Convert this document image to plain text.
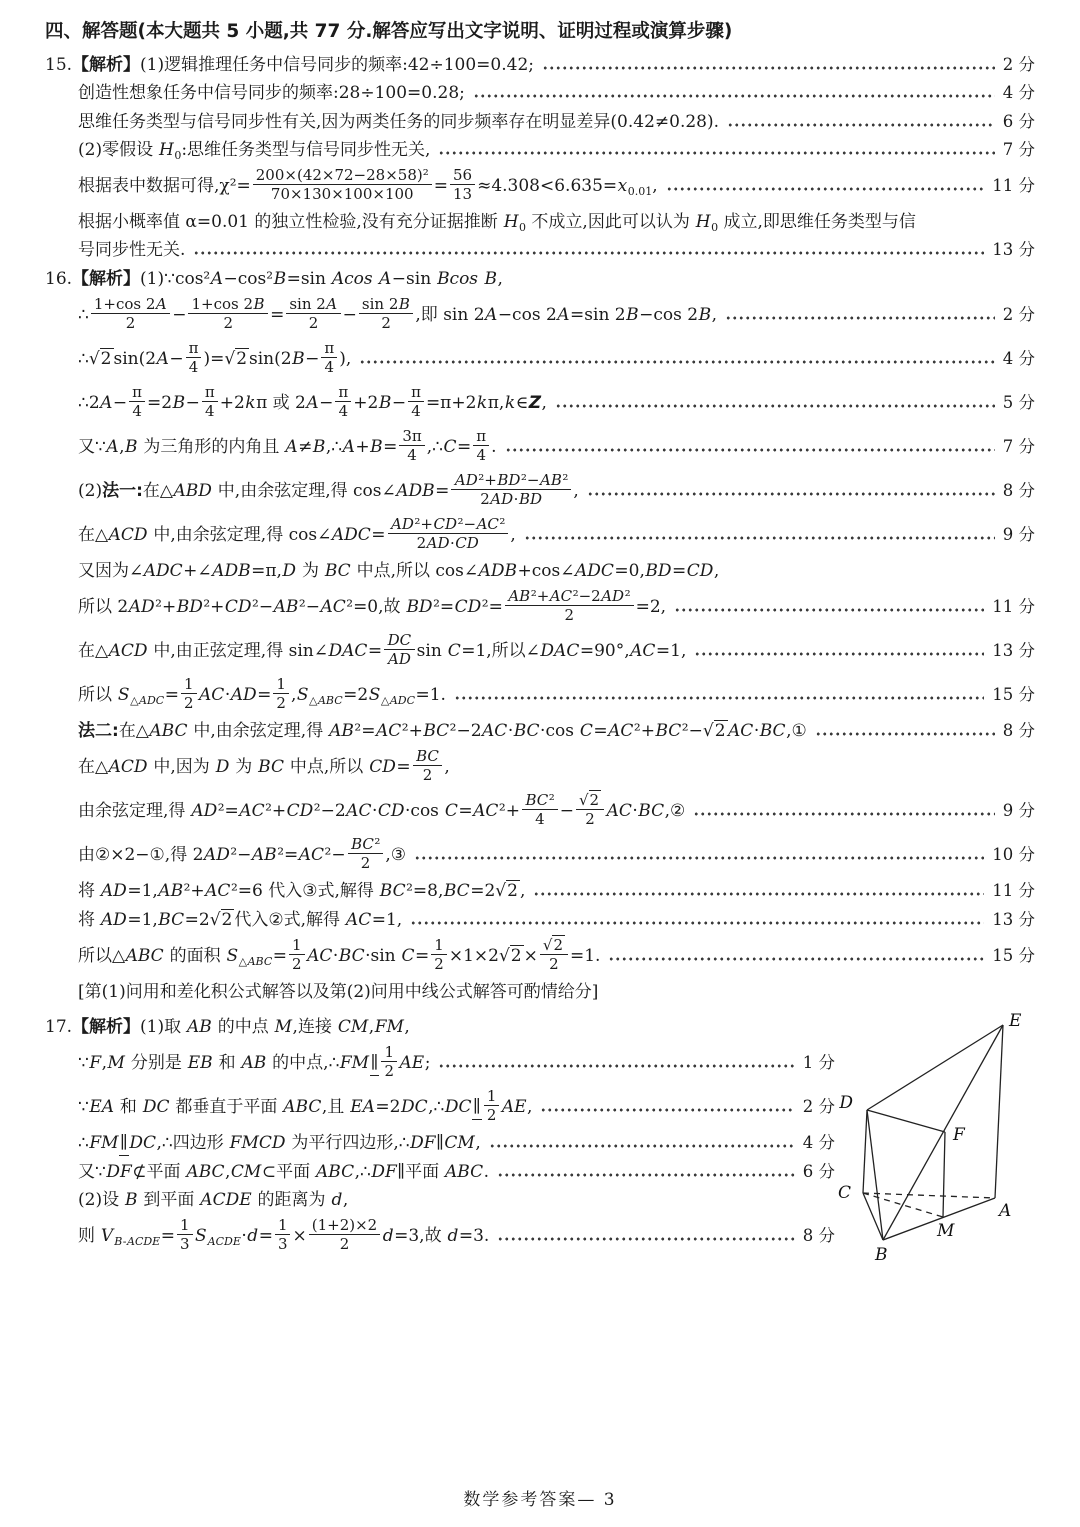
四、解答题(本大题共 5 小题,共 77 分.解答应写出文字说明、证明过程或演算步骤)
15.【解析】(1)逻辑推理任务中信号同步的频率:42÷100=0.42;	2 分
创造性想象任务中信号同步的频率:28÷100=0.28;	4 分
思维任务类型与信号同步性有关,因为两类任务的同步频率存在明显差异(0.42≠0.28).	6 分
(2)零假设 $H_0$:思维任务类型与信号同步性无关,	7 分
根据表中数据可得$,\chi^2= \frac{\text{200×(42×72−28×58)²}}{70\times 130\times 100\times 100} = \frac{56}{13} \approx 4.308<6.635=x_{0.01}$,	11 分
根据小概率值 α=0.01 的独立性检验,没有充分证据推断 $H_0$ 不成立,因此可以认为 $H_0$ 成立,即思维任务类型与信
号同步性无关.	13 分
16.【解析】(1)∵cos²A−cos²B=sin Acos A−sin Bcos B,
∴ $\frac{1+\cos 2A}{2} - \frac{1+\cos 2B}{2} = \frac{\sin 2A}{2} - \frac{\sin 2B}{2}$ ,即 sin 2A−cos 2A=sin 2B−cos 2B,	2 分
∴√2 $\sin(2A- \frac{\pi}{4} )=√2$ $\sin(2B- \frac{\pi}{4}$ ),	4 分
∴2A− $\frac{\pi}{4} =2B- \frac{\pi}{4} +2k\pi$ 或 $2A- \frac{\pi}{4} +2B- \frac{\pi}{4}$ =π+2kπ,k∈Z,	5 分
又∵A,B 为三角形的内角且 A≠B,∴A+B= $\frac{3\pi}{4}$ ,∴C= $\frac{\pi}{4}$ .	7 分
(2)法一:在△ABD 中,由余弦定理,得 cos∠ADB= $\frac{\text{AD²+BD²−AB²}}{2AD\cdot BD}$ ,	8 分
在△ACD 中,由余弦定理,得 cos∠ADC= $\frac{\text{AD²+CD²−AC²}}{2AD\cdot CD}$ ,	9 分
又因为∠ADC+∠ADB=π,D 为 BC 中点,所以 cos∠ADB+cos∠ADC=0,BD=CD,
所以 2AD²+BD²+CD²−AB²−AC²=0,故 $BD^2=CD^2= \frac{\text{AB²+AC²−2AD²}}{2} =2$,	11 分
在△ACD 中,由正弦定理,得 sin∠DAC= $\frac{DC}{AD}$ sin C=1,所以∠DAC=90°,AC=1,	13 分
所以 $S_{\triangle ADC}= \frac{1}{2} AC\cdot AD= \frac{1}{2} ,S_{\triangle ABC}=2S_{\triangle ADC}=1$.	15 分
法二:在△ABC 中,由余弦定理,得 AB²=AC²+BC²−2AC·BC·cos C=AC²+BC²−√2 AC·BC,①	8 分
在△ACD 中,因为 D 为 BC 中点,所以 $CD= \frac{BC}{2}$ ,
由余弦定理,得 AD²=AC²+CD²−2AC·CD·cos $C=AC^2+ \frac{\text{BC²}}{4} - \frac{√2}{2}$ AC·BC,②	9 分
由②×2−①,得 $2AD^2-AB^2=AC^2- \frac{\text{BC²}}{2}$ ,③	10 分
将 AD=1,AB²+AC²=6 代入③式,解得 BC²=8,BC=2√2 ,	11 分
将 AD=1,BC=2√2 代入②式,解得 AC=1,	13 分
所以△ABC 的面积 $S_{\triangle ABC}= \frac{1}{2} AC\cdot BC\cdot\sin$ $C= \frac{1}{2} \times 1\times 2√2 \times \frac{√2}{2} =1$.	15 分
[第(1)问用和差化积公式解答以及第(2)问用中线公式解答可酌情给分]
17.【解析】(1)取 AB 的中点 M,连接 CM,FM,
∵F,M 分别是 EB 和 AB 的中点,∴FM∥ $\frac{1}{2}$ AE;	1 分
∵EA 和 DC 都垂直于平面 ABC,且 EA=2DC,∴DC∥ $\frac{1}{2}$ AE,	2 分
∴FM∥DC,∴四边形 FMCD 为平行四边形,∴DF∥CM,	4 分
又∵DF⊄平面 ABC,CM⊂平面 ABC,∴DF∥平面 ABC.	6 分
(2)设 B 到平面 ACDE 的距离为 d,
则 $V_{B-ACDE}= \frac{1}{3} S_{ACDE}\cdot d= \frac{1}{3} \times \frac{(1+2)\times 2}{2} d=3$,故 d=3.	8 分
E
D
F
C
A
M
B
数学参考答案— 3
